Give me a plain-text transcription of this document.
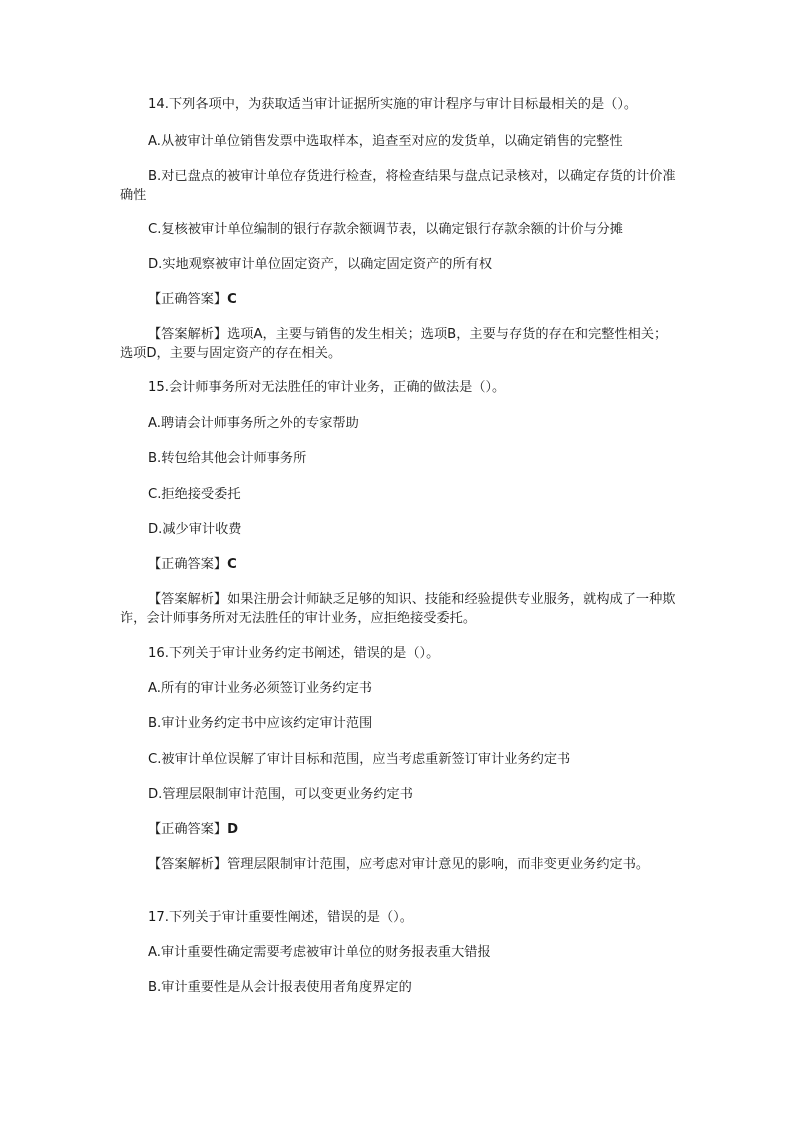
14.下列各项中，为获取适当审计证据所实施的审计程序与审计目标最相关的是（）。
A.从被审计单位销售发票中选取样本，追查至对应的发货单，以确定销售的完整性
B.对已盘点的被审计单位存货进行检查，将检查结果与盘点记录核对，以确定存货的计价准确性
C.复核被审计单位编制的银行存款余额调节表，以确定银行存款余额的计价与分摊
D.实地观察被审计单位固定资产，以确定固定资产的所有权
【正确答案】C
【答案解析】选项A，主要与销售的发生相关；选项B，主要与存货的存在和完整性相关；选项D，主要与固定资产的存在相关。
15.会计师事务所对无法胜任的审计业务，正确的做法是（）。
A.聘请会计师事务所之外的专家帮助
B.转包给其他会计师事务所
C.拒绝接受委托
D.减少审计收费
【正确答案】C
【答案解析】如果注册会计师缺乏足够的知识、技能和经验提供专业服务，就构成了一种欺诈，会计师事务所对无法胜任的审计业务，应拒绝接受委托。
16.下列关于审计业务约定书阐述，错误的是（）。
A.所有的审计业务必须签订业务约定书
B.审计业务约定书中应该约定审计范围
C.被审计单位误解了审计目标和范围，应当考虑重新签订审计业务约定书
D.管理层限制审计范围，可以变更业务约定书
【正确答案】D
【答案解析】管理层限制审计范围，应考虑对审计意见的影响，而非变更业务约定书。
17.下列关于审计重要性阐述，错误的是（）。
A.审计重要性确定需要考虑被审计单位的财务报表重大错报
B.审计重要性是从会计报表使用者角度界定的
